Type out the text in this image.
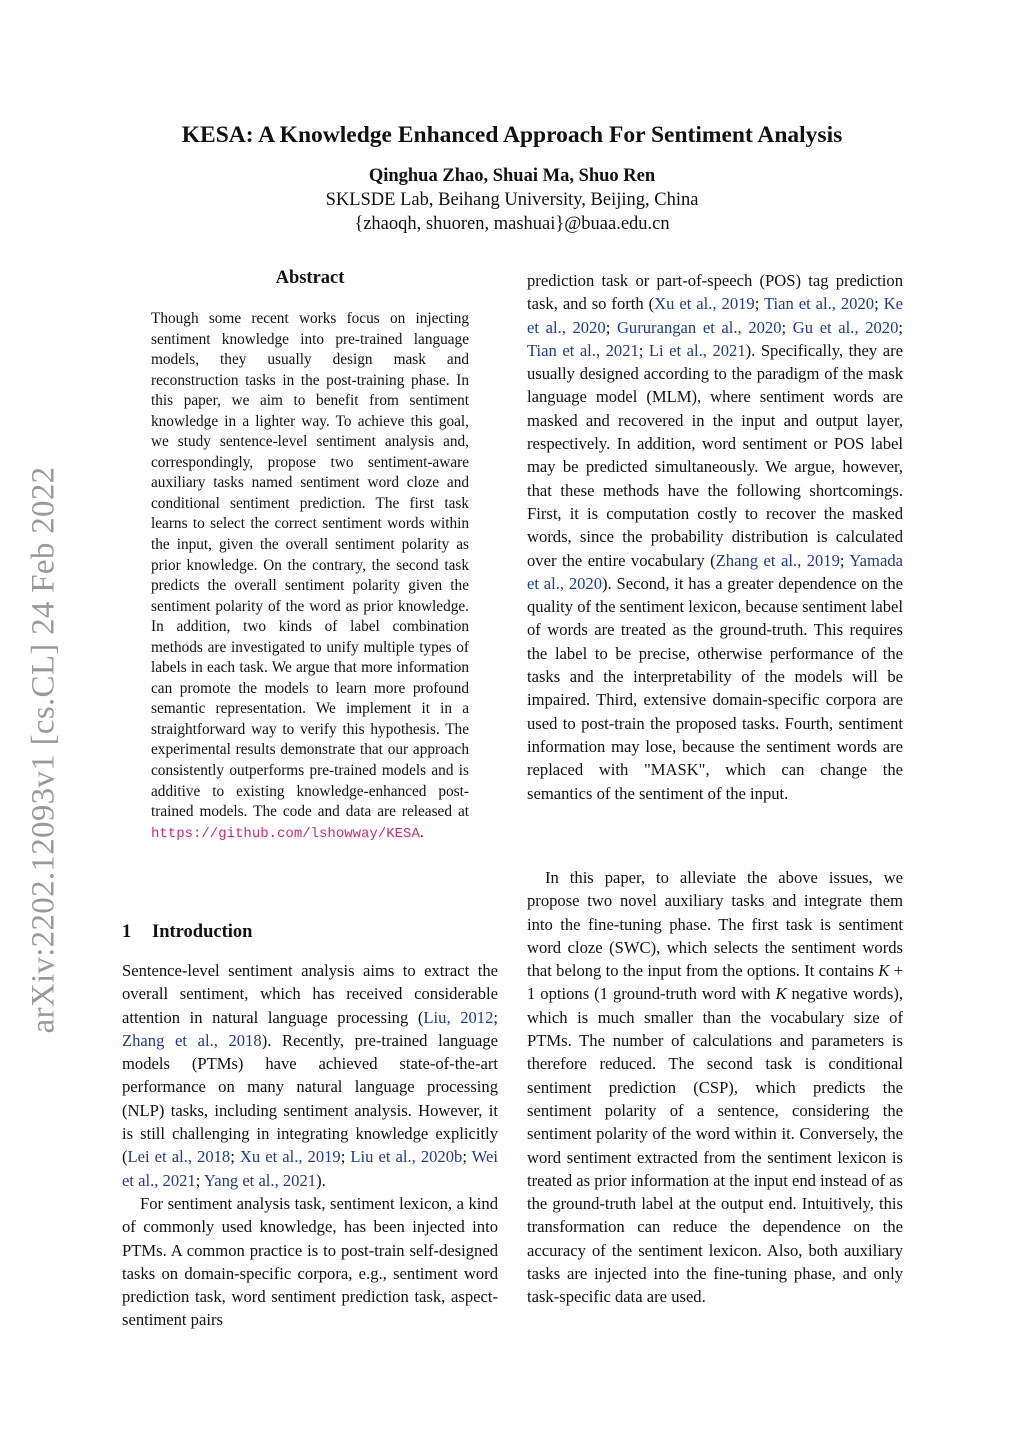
KESA: A Knowledge Enhanced Approach For Sentiment Analysis
Qinghua Zhao, Shuai Ma, Shuo Ren
SKLSDE Lab, Beihang University, Beijing, China
{zhaoqh, shuoren, mashuai}@buaa.edu.cn
arXiv:2202.12093v1 [cs.CL] 24 Feb 2022
Abstract

Though some recent works focus on injecting sentiment knowledge into pre-trained language models, they usually design mask and reconstruction tasks in the post-training phase. In this paper, we aim to benefit from sentiment knowledge in a lighter way. To achieve this goal, we study sentence-level sentiment analysis and, correspondingly, propose two sentiment-aware auxiliary tasks named sentiment word cloze and conditional sentiment prediction. The first task learns to select the correct sentiment words within the input, given the overall sentiment polarity as prior knowledge. On the contrary, the second task predicts the overall sentiment polarity given the sentiment polarity of the word as prior knowledge. In addition, two kinds of label combination methods are investigated to unify multiple types of labels in each task. We argue that more information can promote the models to learn more profound semantic representation. We implement it in a straightforward way to verify this hypothesis. The experimental results demonstrate that our approach consistently outperforms pre-trained models and is additive to existing knowledge-enhanced post-trained models. The code and data are released at https://github.com/lshowway/KESA.

1 Introduction

Sentence-level sentiment analysis aims to extract the overall sentiment, which has received considerable attention in natural language processing (Liu, 2012; Zhang et al., 2018). Recently, pre-trained language models (PTMs) have achieved state-of-the-art performance on many natural language processing (NLP) tasks, including sentiment analysis. However, it is still challenging in integrating knowledge explicitly (Lei et al., 2018; Xu et al., 2019; Liu et al., 2020b; Wei et al., 2021; Yang et al., 2021).

For sentiment analysis task, sentiment lexicon, a kind of commonly used knowledge, has been injected into PTMs. A common practice is to post-train self-designed tasks on domain-specific corpora, e.g., sentiment word prediction task, word sentiment prediction task, aspect-sentiment pairs

prediction task or part-of-speech (POS) tag prediction task, and so forth (Xu et al., 2019; Tian et al., 2020; Ke et al., 2020; Gururangan et al., 2020; Gu et al., 2020; Tian et al., 2021; Li et al., 2021). Specifically, they are usually designed according to the paradigm of the mask language model (MLM), where sentiment words are masked and recovered in the input and output layer, respectively. In addition, word sentiment or POS label may be predicted simultaneously. We argue, however, that these methods have the following shortcomings. First, it is computation costly to recover the masked words, since the probability distribution is calculated over the entire vocabulary (Zhang et al., 2019; Yamada et al., 2020). Second, it has a greater dependence on the quality of the sentiment lexicon, because sentiment label of words are treated as the ground-truth. This requires the label to be precise, otherwise performance of the tasks and the interpretability of the models will be impaired. Third, extensive domain-specific corpora are used to post-train the proposed tasks. Fourth, sentiment information may lose, because the sentiment words are replaced with "MASK", which can change the semantics of the sentiment of the input.

In this paper, to alleviate the above issues, we propose two novel auxiliary tasks and integrate them into the fine-tuning phase. The first task is sentiment word cloze (SWC), which selects the sentiment words that belong to the input from the options. It contains K + 1 options (1 ground-truth word with K negative words), which is much smaller than the vocabulary size of PTMs. The number of calculations and parameters is therefore reduced. The second task is conditional sentiment prediction (CSP), which predicts the sentiment polarity of a sentence, considering the sentiment polarity of the word within it. Conversely, the word sentiment extracted from the sentiment lexicon is treated as prior information at the input end instead of as the ground-truth label at the output end. Intuitively, this transformation can reduce the dependence on the accuracy of the sentiment lexicon. Also, both auxiliary tasks are injected into the fine-tuning phase, and only task-specific data are used.
